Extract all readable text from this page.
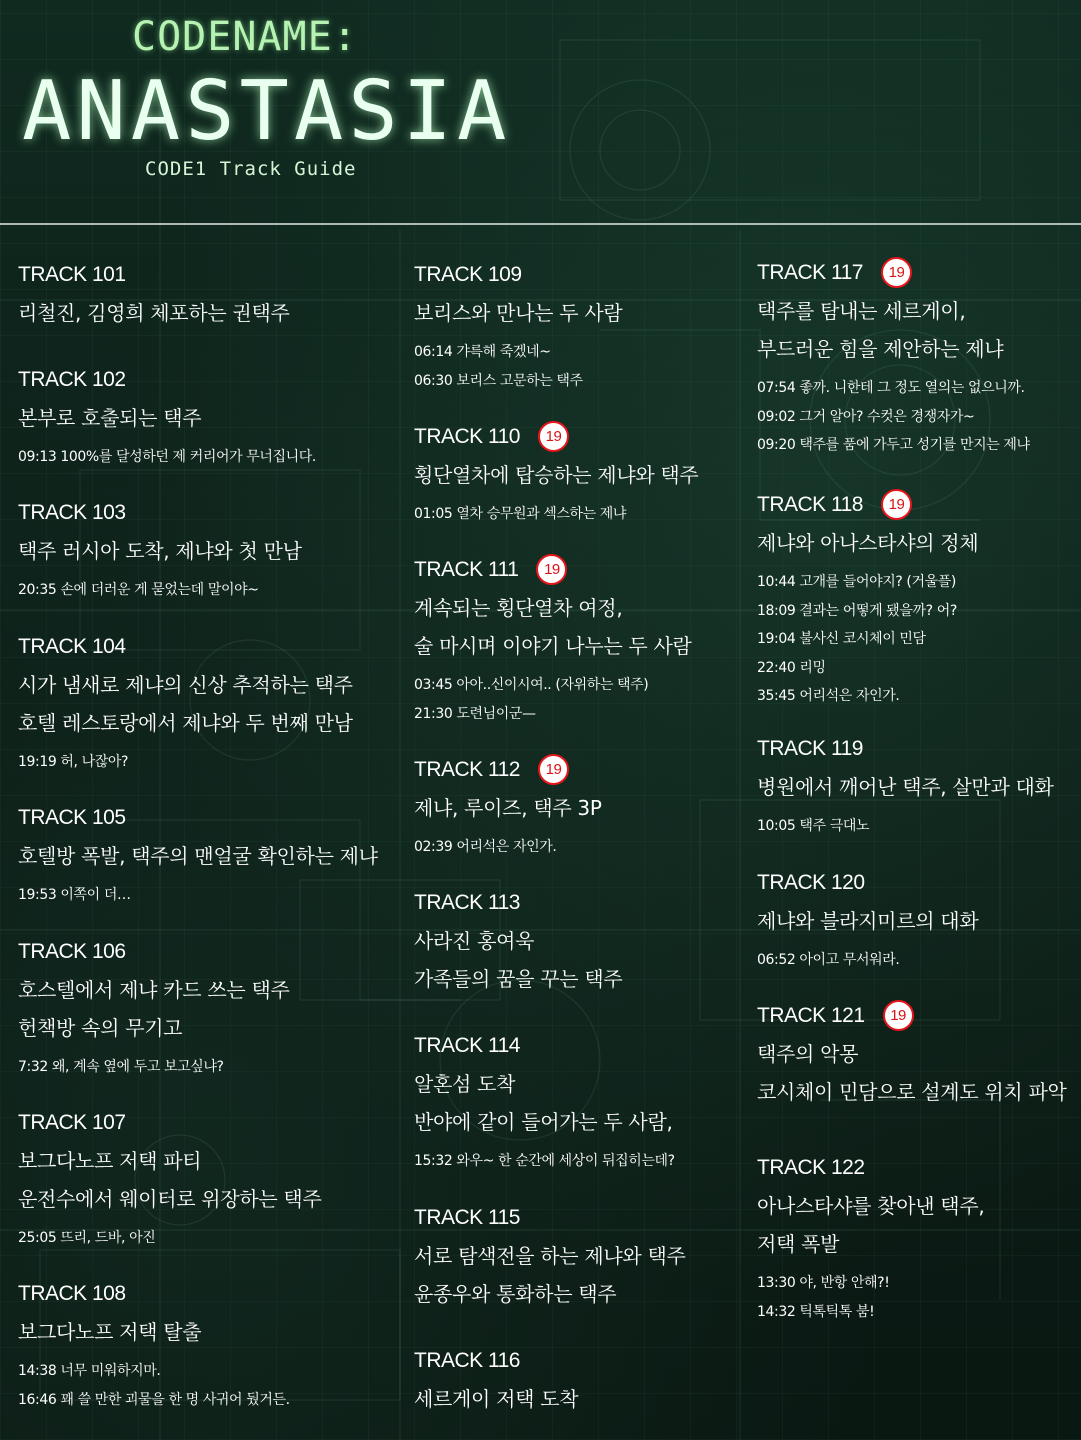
CODENAME:
ANASTASIA
CODE1 Track Guide
TRACK 101
리철진, 김영희 체포하는 권택주
TRACK 102
본부로 호출되는 택주
09:13 100%를 달성하던 제 커리어가 무너집니다.
TRACK 103
택주 러시아 도착, 제냐와 첫 만남
20:35 손에 더러운 게 묻었는데 말이야~
TRACK 104
시가 냄새로 제냐의 신상 추적하는 택주
호텔 레스토랑에서 제냐와 두 번째 만남
19:19 허, 나잖아?
TRACK 105
호텔방 폭발, 택주의 맨얼굴 확인하는 제냐
19:53 이쪽이 더…
TRACK 106
호스텔에서 제냐 카드 쓰는 택주
헌책방 속의 무기고
7:32 왜, 계속 옆에 두고 보고싶냐?
TRACK 107
보그다노프 저택 파티
운전수에서 웨이터로 위장하는 택주
25:05 뜨리, 드바, 아진
TRACK 108
보그다노프 저택 탈출
14:38 너무 미워하지마.
16:46 꽤 쓸 만한 괴물을 한 명 사귀어 뒀거든.
TRACK 109
보리스와 만나는 두 사람
06:14 갸륵해 죽겠네~
06:30 보리스 고문하는 택주
TRACK 110	19
횡단열차에 탑승하는 제냐와 택주
01:05 열차 승무원과 섹스하는 제냐
TRACK 111	19
계속되는 횡단열차 여정,
술 마시며 이야기 나누는 두 사람
03:45 아아..신이시여.. (자위하는 택주)
21:30 도련님이군—
TRACK 112	19
제냐, 루이즈, 택주 3P
02:39 어리석은 자인가.
TRACK 113
사라진 홍여욱
가족들의 꿈을 꾸는 택주
TRACK 114
알혼섬 도착
반야에 같이 들어가는 두 사람,
15:32 와우~ 한 순간에 세상이 뒤집히는데?
TRACK 115
서로 탐색전을 하는 제냐와 택주
윤종우와 통화하는 택주
TRACK 116
세르게이 저택 도착
TRACK 117	19
택주를 탐내는 세르게이,
부드러운 힘을 제안하는 제냐
07:54 좋까. 니한테 그 정도 열의는 없으니까.
09:02 그거 알아? 수컷은 경쟁자가~
09:20 택주를 품에 가두고 성기를 만지는 제냐
TRACK 118	19
제냐와 아나스타샤의 정체
10:44 고개를 들어야지? (거울플)
18:09 결과는 어떻게 됐을까? 어?
19:04 불사신 코시체이 민담
22:40 리밍
35:45 어리석은 자인가.
TRACK 119
병원에서 깨어난 택주, 살만과 대화
10:05 택주 극대노
TRACK 120
제냐와 블라지미르의 대화
06:52 아이고 무서워라.
TRACK 121	19
택주의 악몽
코시체이 민담으로 설계도 위치 파악
TRACK 122
아나스타샤를 찾아낸 택주,
저택 폭발
13:30 야, 반항 안해?!
14:32 틱톡틱톡 붐!
